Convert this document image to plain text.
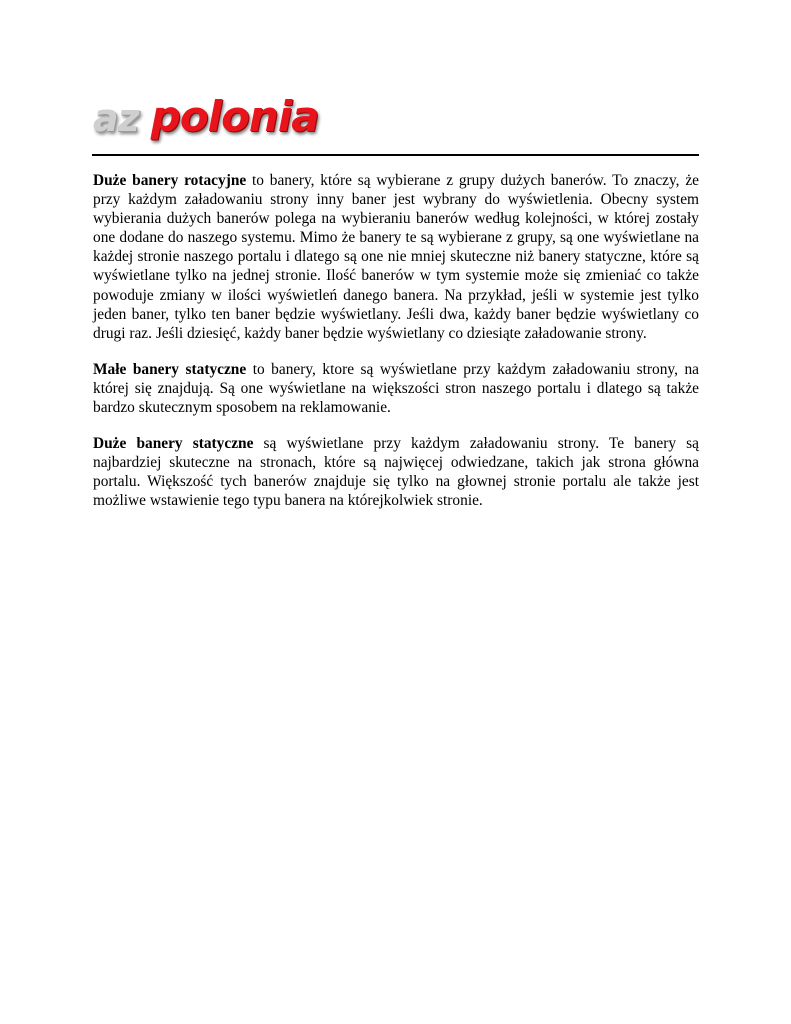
az polonia

Duże banery rotacyjne to banery, które są wybierane z grupy dużych banerów. To znaczy, że przy każdym załadowaniu strony inny baner jest wybrany do wyświetlenia. Obecny system wybierania dużych banerów polega na wybieraniu banerów według kolejności, w której zostały one dodane do naszego systemu. Mimo że banery te są wybierane z grupy, są one wyświetlane na każdej stronie naszego portalu i dlatego są one nie mniej skuteczne niż banery statyczne, które są wyświetlane tylko na jednej stronie. Ilość banerów w tym systemie może się zmieniać co także powoduje zmiany w ilości wyświetleń danego banera. Na przykład, jeśli w systemie jest tylko jeden baner, tylko ten baner będzie wyświetlany. Jeśli dwa, każdy baner będzie wyświetlany co drugi raz. Jeśli dziesięć, każdy baner będzie wyświetlany co dziesiąte załadowanie strony.

Małe banery statyczne to banery, ktore są wyświetlane przy każdym załadowaniu strony, na której się znajdują. Są one wyświetlane na większości stron naszego portalu i dlatego są także bardzo skutecznym sposobem na reklamowanie.

Duże banery statyczne są wyświetlane przy każdym załadowaniu strony. Te banery są najbardziej skuteczne na stronach, które są najwięcej odwiedzane, takich jak strona główna portalu. Większość tych banerów znajduje się tylko na głownej stronie portalu ale także jest możliwe wstawienie tego typu banera na którejkolwiek stronie.
